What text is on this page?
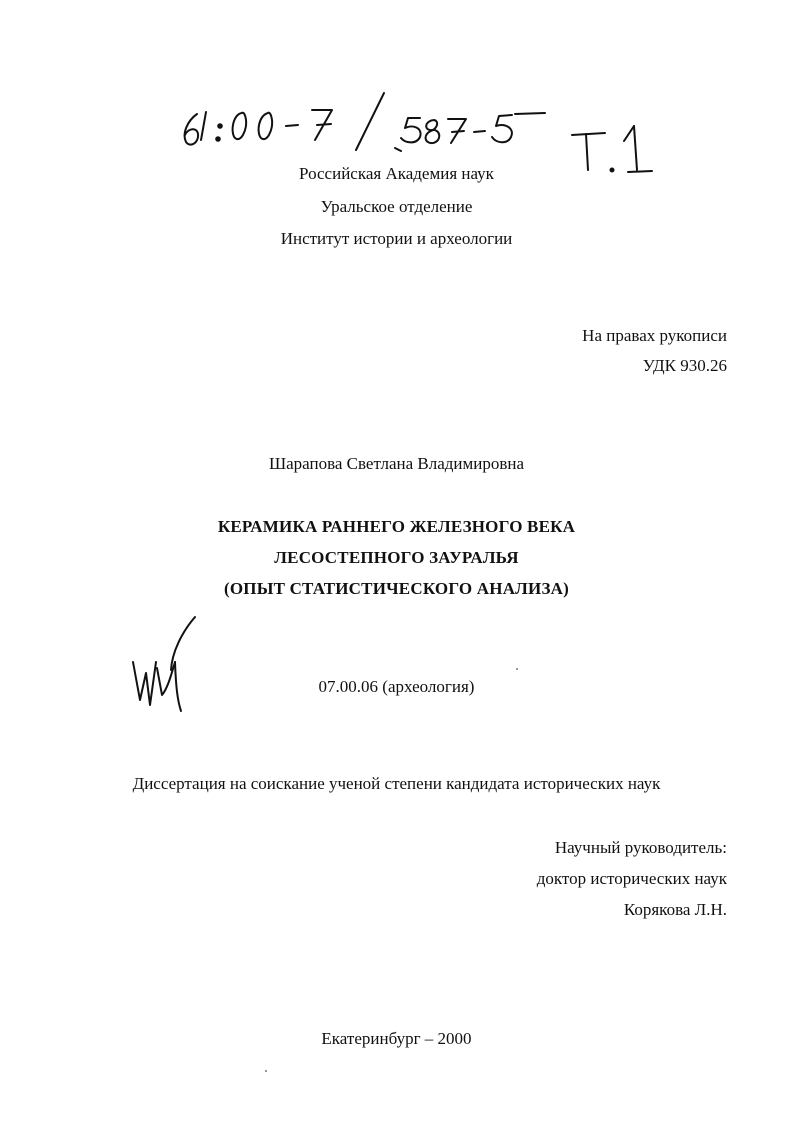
Российская Академия наук
Уральское отделение
Институт истории и археологии
На правах рукописи
УДК 930.26
Шарапова Светлана Владимировна
КЕРАМИКА РАННЕГО ЖЕЛЕЗНОГО ВЕКА
ЛЕСОСТЕПНОГО ЗАУРАЛЬЯ
(ОПЫТ СТАТИСТИЧЕСКОГО АНАЛИЗА)
07.00.06 (археология)
Диссертация на соискание ученой степени кандидата исторических наук
Научный руководитель:
доктор исторических наук
Корякова Л.Н.
Екатеринбург – 2000
